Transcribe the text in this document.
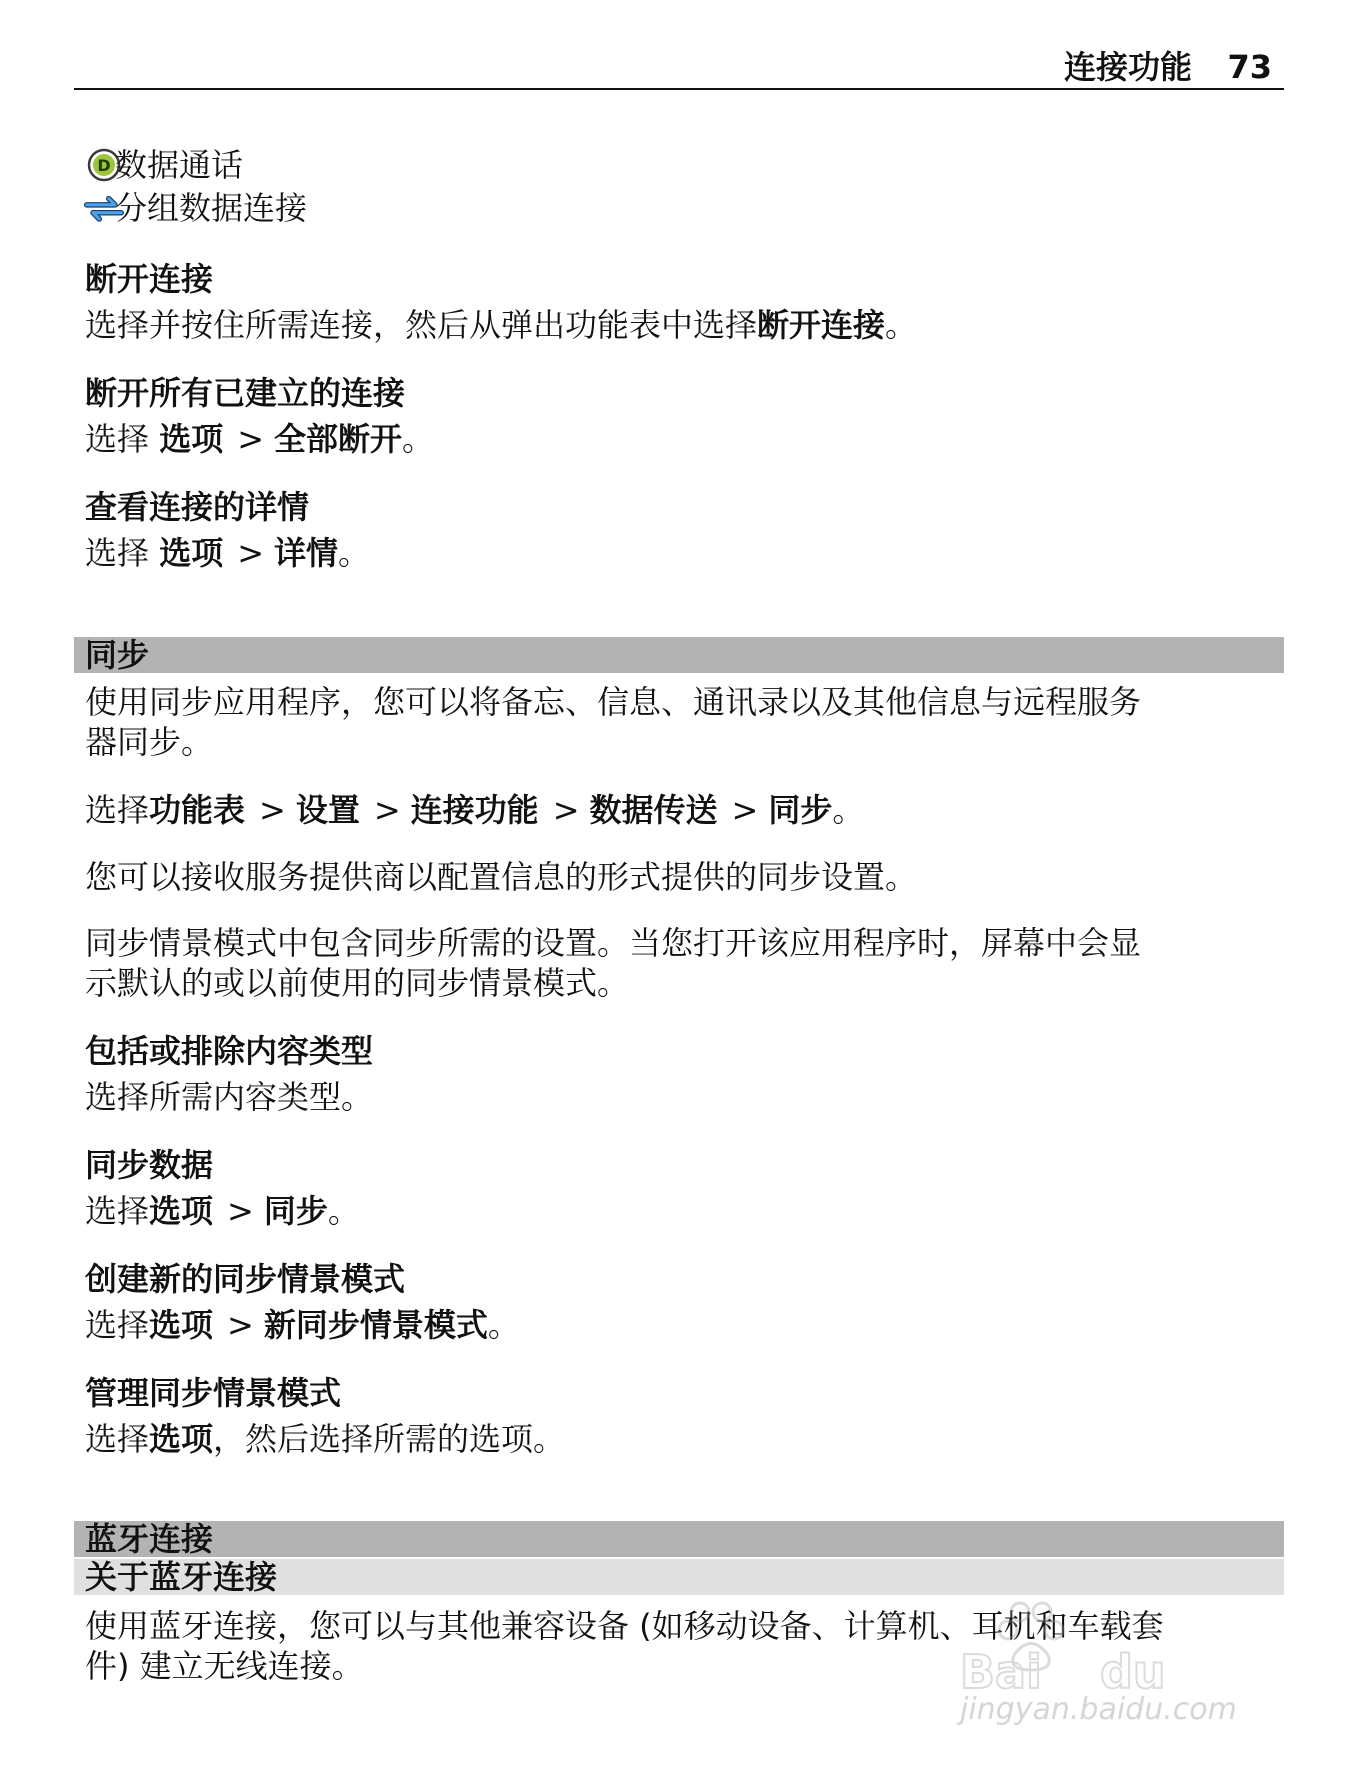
连接功能 73
D 数据通话
分组数据连接
断开连接
选择并按住所需连接，然后从弹出功能表中选择断开连接。
断开所有已建立的连接
选择 选项 > 全部断开。
查看连接的详情
选择 选项 > 详情。
同步
使用同步应用程序，您可以将备忘、信息、通讯录以及其他信息与远程服务
器同步。
选择功能表 > 设置 > 连接功能 > 数据传送 > 同步。
您可以接收服务提供商以配置信息的形式提供的同步设置。
同步情景模式中包含同步所需的设置。当您打开该应用程序时，屏幕中会显
示默认的或以前使用的同步情景模式。
包括或排除内容类型
选择所需内容类型。
同步数据
选择选项 > 同步。
创建新的同步情景模式
选择选项 > 新同步情景模式。
管理同步情景模式
选择选项，然后选择所需的选项。
蓝牙连接
关于蓝牙连接
使用蓝牙连接，您可以与其他兼容设备 (如移动设备、计算机、耳机和车载套
件) 建立无线连接。	Bai du
jingyan.baidu.com
